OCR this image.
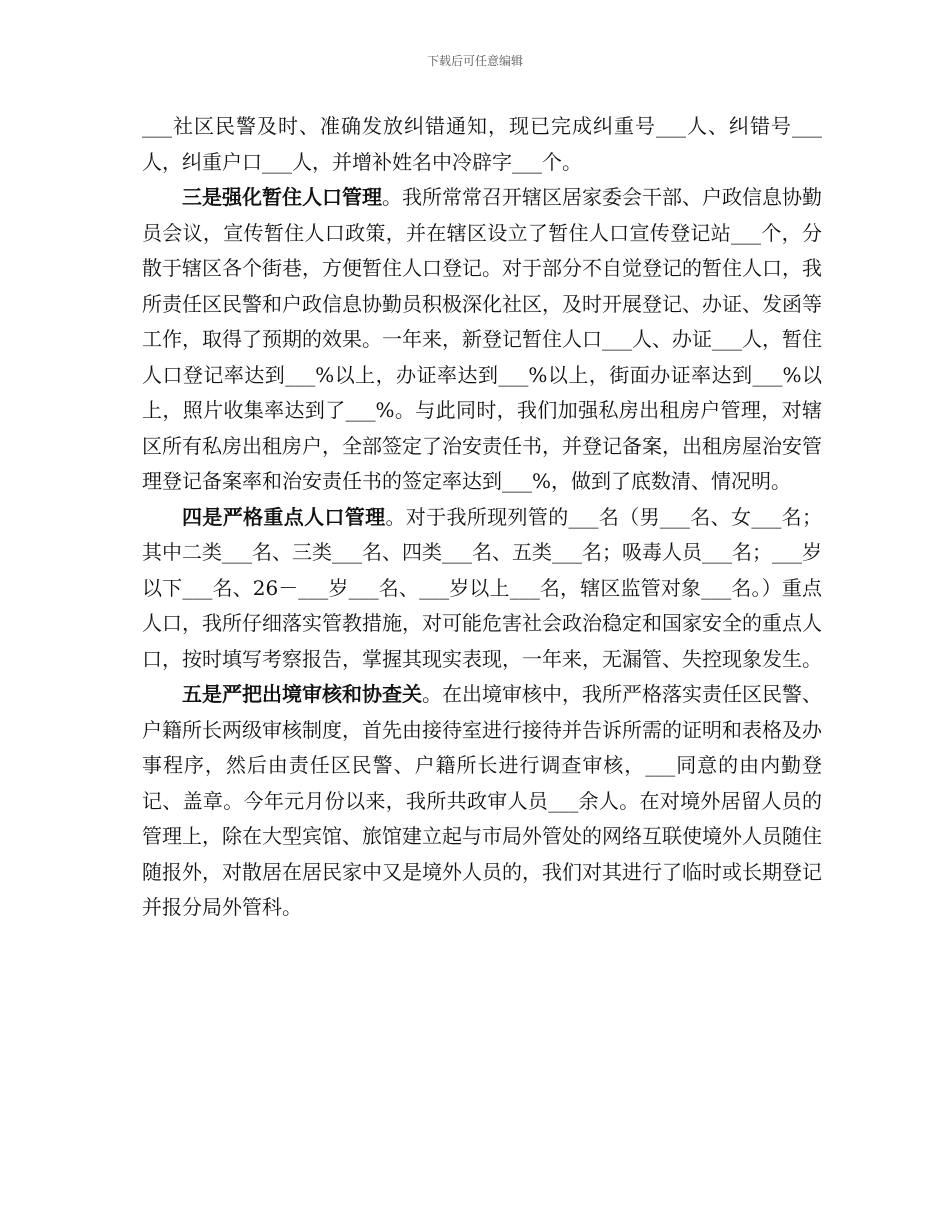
下载后可任意编辑

___社区民警及时、准确发放纠错通知，现已完成纠重号___人、纠错号___人，纠重户口___人，并增补姓名中冷辟字___个。

三是强化暂住人口管理。我所常常召开辖区居家委会干部、户政信息协勤员会议，宣传暂住人口政策，并在辖区设立了暂住人口宣传登记站___个，分散于辖区各个街巷，方便暂住人口登记。对于部分不自觉登记的暂住人口，我所责任区民警和户政信息协勤员积极深化社区，及时开展登记、办证、发函等工作，取得了预期的效果。一年来，新登记暂住人口___人、办证___人，暂住人口登记率达到___%以上，办证率达到___%以上，街面办证率达到___%以上，照片收集率达到了___%。与此同时，我们加强私房出租房户管理，对辖区所有私房出租房户，全部签定了治安责任书，并登记备案，出租房屋治安管理登记备案率和治安责任书的签定率达到___%，做到了底数清、情况明。

四是严格重点人口管理。对于我所现列管的___名（男___名、女___名；其中二类___名、三类___名、四类___名、五类___名；吸毒人员___名；___岁以下___名、26－___岁___名、___岁以上___名，辖区监管对象___名。）重点人口，我所仔细落实管教措施，对可能危害社会政治稳定和国家安全的重点人口，按时填写考察报告，掌握其现实表现，一年来，无漏管、失控现象发生。

五是严把出境审核和协查关。在出境审核中，我所严格落实责任区民警、户籍所长两级审核制度，首先由接待室进行接待并告诉所需的证明和表格及办事程序，然后由责任区民警、户籍所长进行调查审核，___同意的由内勤登记、盖章。今年元月份以来，我所共政审人员___余人。在对境外居留人员的管理上，除在大型宾馆、旅馆建立起与市局外管处的网络互联使境外人员随住随报外，对散居在居民家中又是境外人员的，我们对其进行了临时或长期登记并报分局外管科。
